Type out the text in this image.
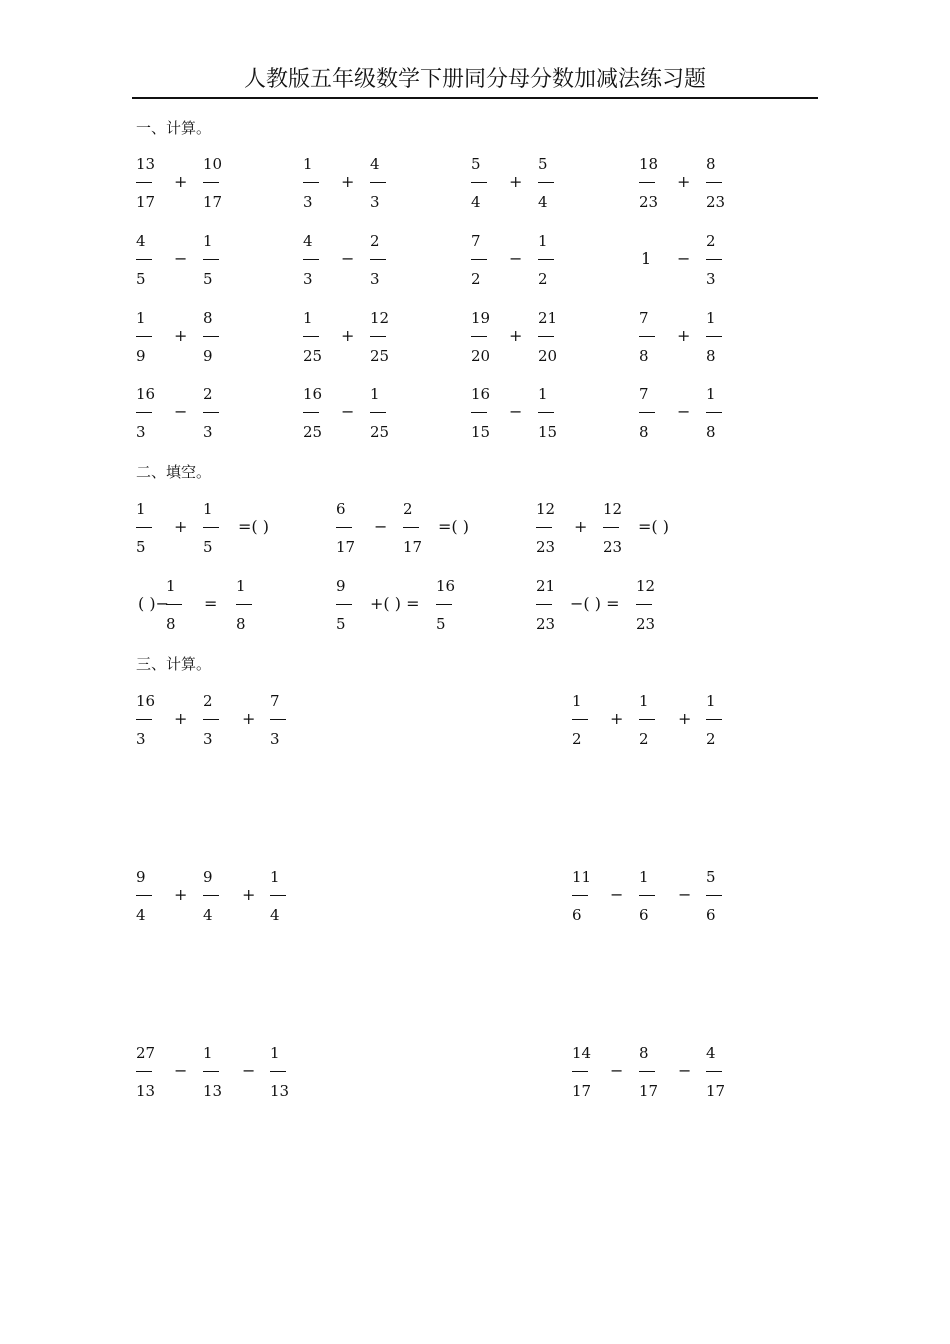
人教版五年级数学下册同分母分数加减法练习题
一、计算。
二、填空。
三、计算。
13
17
+
10
17
1
3
+
4
3
5
4
+
5
4
18
23
+
8
23
4
5
−
1
5
4
3
−
2
3
7
2
−
1
2
1 −
2
3
1
9
+
8
9
1
25
+
12
25
19
20
+
21
20
7
8
+
1
8
16
3
−
2
3
16
25
−
1
25
16
15
−
1
15
7
8
−
1
8
1
5
+
1
5
=( )
6
17
−
2
17
=( )
12
23
+
12
23
=( )
( )−
1
8
=
1
8
9
5
+( ) =
16
5
21
23
−( ) =
12
23
16
3
+
2
3
+
7
3
1
2
+
1
2
+
1
2
9
4
+
9
4
+
1
4
11
6
−
1
6
−
5
6
27
13
−
1
13
−
1
13
14
17
−
8
17
−
4
17
